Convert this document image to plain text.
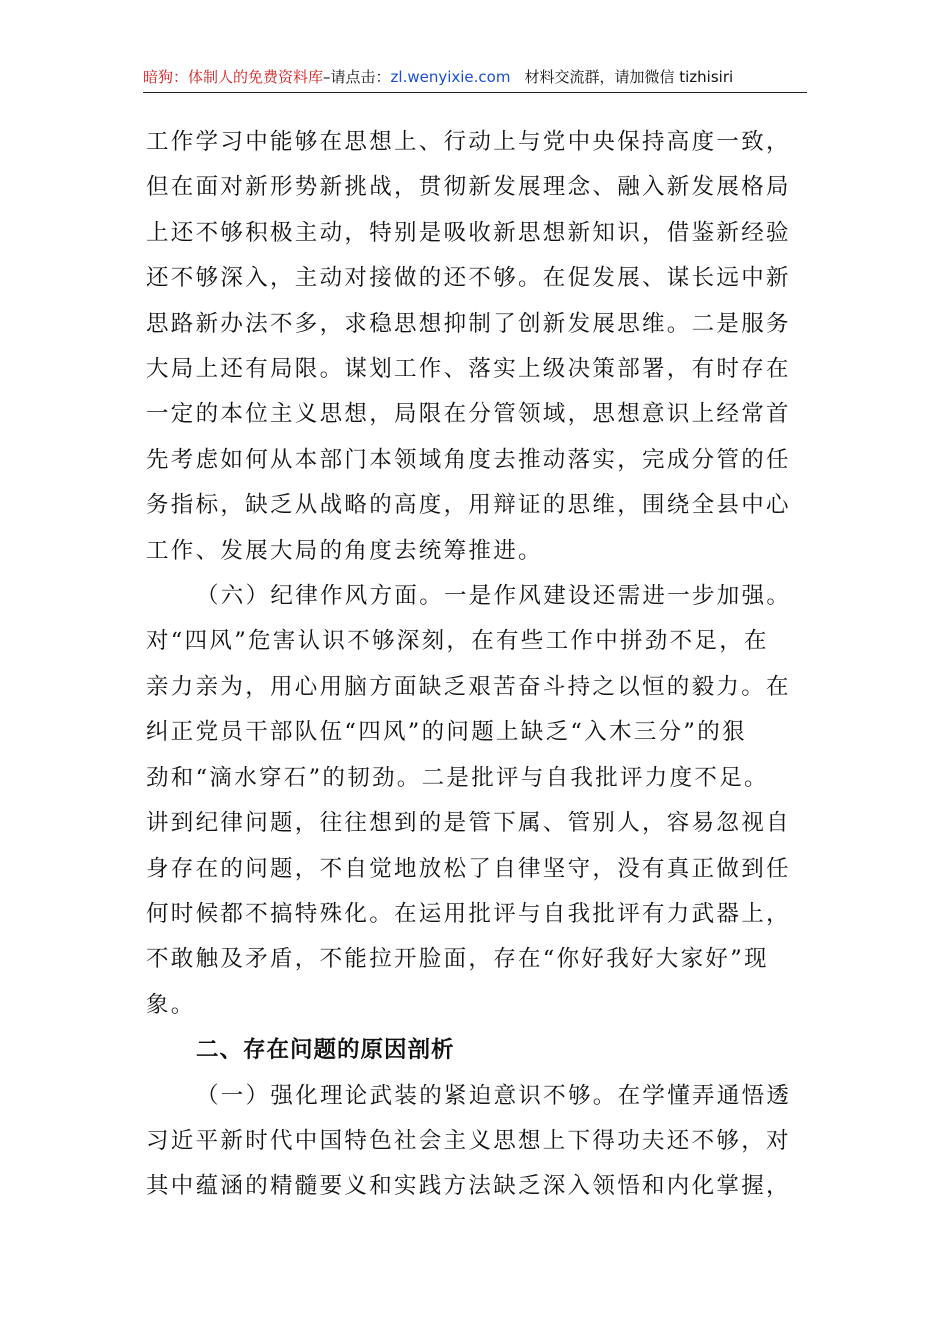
暗狗：体制人的免费资料库–请点击：zl.wenyixie.com 材料交流群，请加微信 tizhisiri

工作学习中能够在思想上、行动上与党中央保持高度一致，

但在面对新形势新挑战，贯彻新发展理念、融入新发展格局

上还不够积极主动，特别是吸收新思想新知识，借鉴新经验

还不够深入，主动对接做的还不够。在促发展、谋长远中新

思路新办法不多，求稳思想抑制了创新发展思维。二是服务

大局上还有局限。谋划工作、落实上级决策部署，有时存在

一定的本位主义思想，局限在分管领域，思想意识上经常首

先考虑如何从本部门本领域角度去推动落实，完成分管的任

务指标，缺乏从战略的高度，用辩证的思维，围绕全县中心

工作、发展大局的角度去统筹推进。

（六）纪律作风方面。一是作风建设还需进一步加强。

对“四风”危害认识不够深刻，在有些工作中拼劲不足，在

亲力亲为，用心用脑方面缺乏艰苦奋斗持之以恒的毅力。在

纠正党员干部队伍“四风”的问题上缺乏“入木三分”的狠

劲和“滴水穿石”的韧劲。二是批评与自我批评力度不足。

讲到纪律问题，往往想到的是管下属、管别人，容易忽视自

身存在的问题，不自觉地放松了自律坚守，没有真正做到任

何时候都不搞特殊化。在运用批评与自我批评有力武器上，

不敢触及矛盾，不能拉开脸面，存在“你好我好大家好”现

象。

二、存在问题的原因剖析

（一）强化理论武装的紧迫意识不够。在学懂弄通悟透

习近平新时代中国特色社会主义思想上下得功夫还不够，对

其中蕴涵的精髓要义和实践方法缺乏深入领悟和内化掌握，
